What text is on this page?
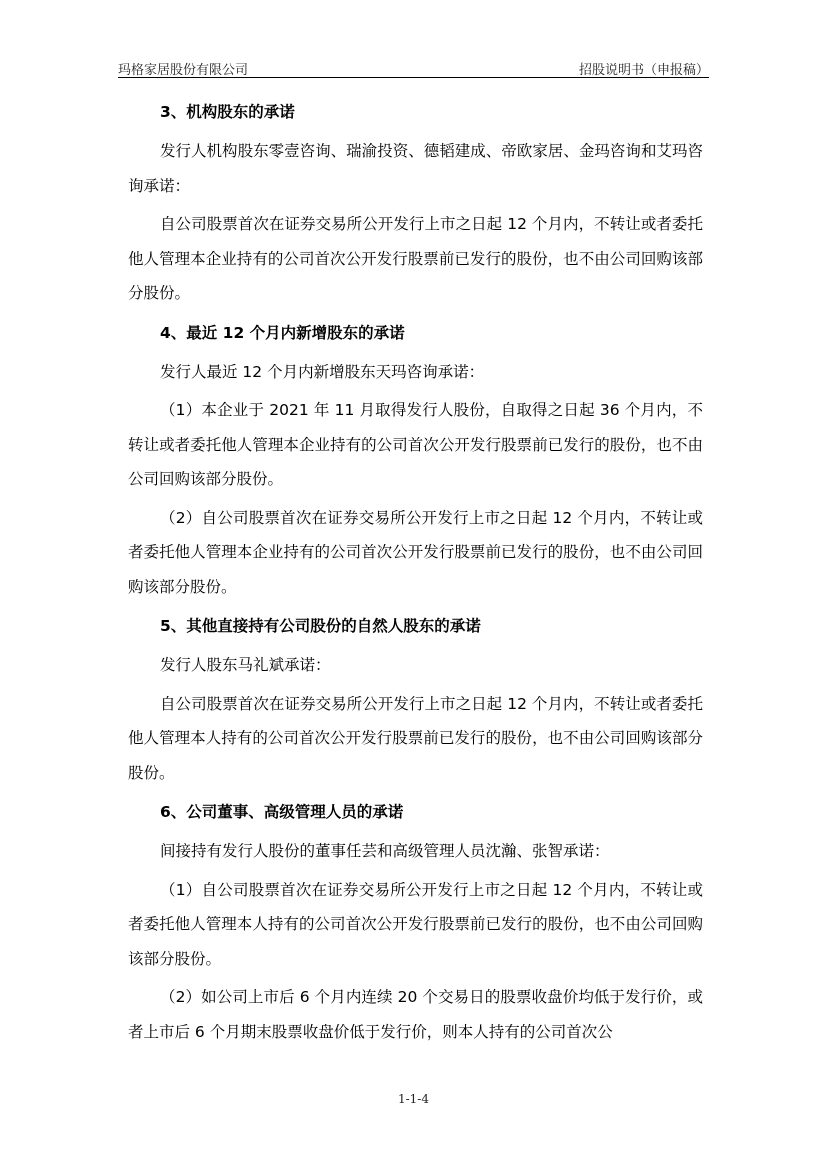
玛格家居股份有限公司	招股说明书（申报稿）
3、机构股东的承诺

发行人机构股东零壹咨询、瑞渝投资、德韬建成、帝欧家居、金玛咨询和艾玛咨询承诺：

自公司股票首次在证券交易所公开发行上市之日起 12 个月内，不转让或者委托他人管理本企业持有的公司首次公开发行股票前已发行的股份，也不由公司回购该部分股份。

4、最近 12 个月内新增股东的承诺

发行人最近 12 个月内新增股东天玛咨询承诺：

（1）本企业于 2021 年 11 月取得发行人股份，自取得之日起 36 个月内，不转让或者委托他人管理本企业持有的公司首次公开发行股票前已发行的股份，也不由公司回购该部分股份。

（2）自公司股票首次在证券交易所公开发行上市之日起 12 个月内，不转让或者委托他人管理本企业持有的公司首次公开发行股票前已发行的股份，也不由公司回购该部分股份。

5、其他直接持有公司股份的自然人股东的承诺

发行人股东马礼斌承诺：

自公司股票首次在证券交易所公开发行上市之日起 12 个月内，不转让或者委托他人管理本人持有的公司首次公开发行股票前已发行的股份，也不由公司回购该部分股份。

6、公司董事、高级管理人员的承诺

间接持有发行人股份的董事任芸和高级管理人员沈瀚、张智承诺：

（1）自公司股票首次在证券交易所公开发行上市之日起 12 个月内，不转让或者委托他人管理本人持有的公司首次公开发行股票前已发行的股份，也不由公司回购该部分股份。

（2）如公司上市后 6 个月内连续 20 个交易日的股票收盘价均低于发行价，或者上市后 6 个月期末股票收盘价低于发行价，则本人持有的公司首次公

1-1-4
